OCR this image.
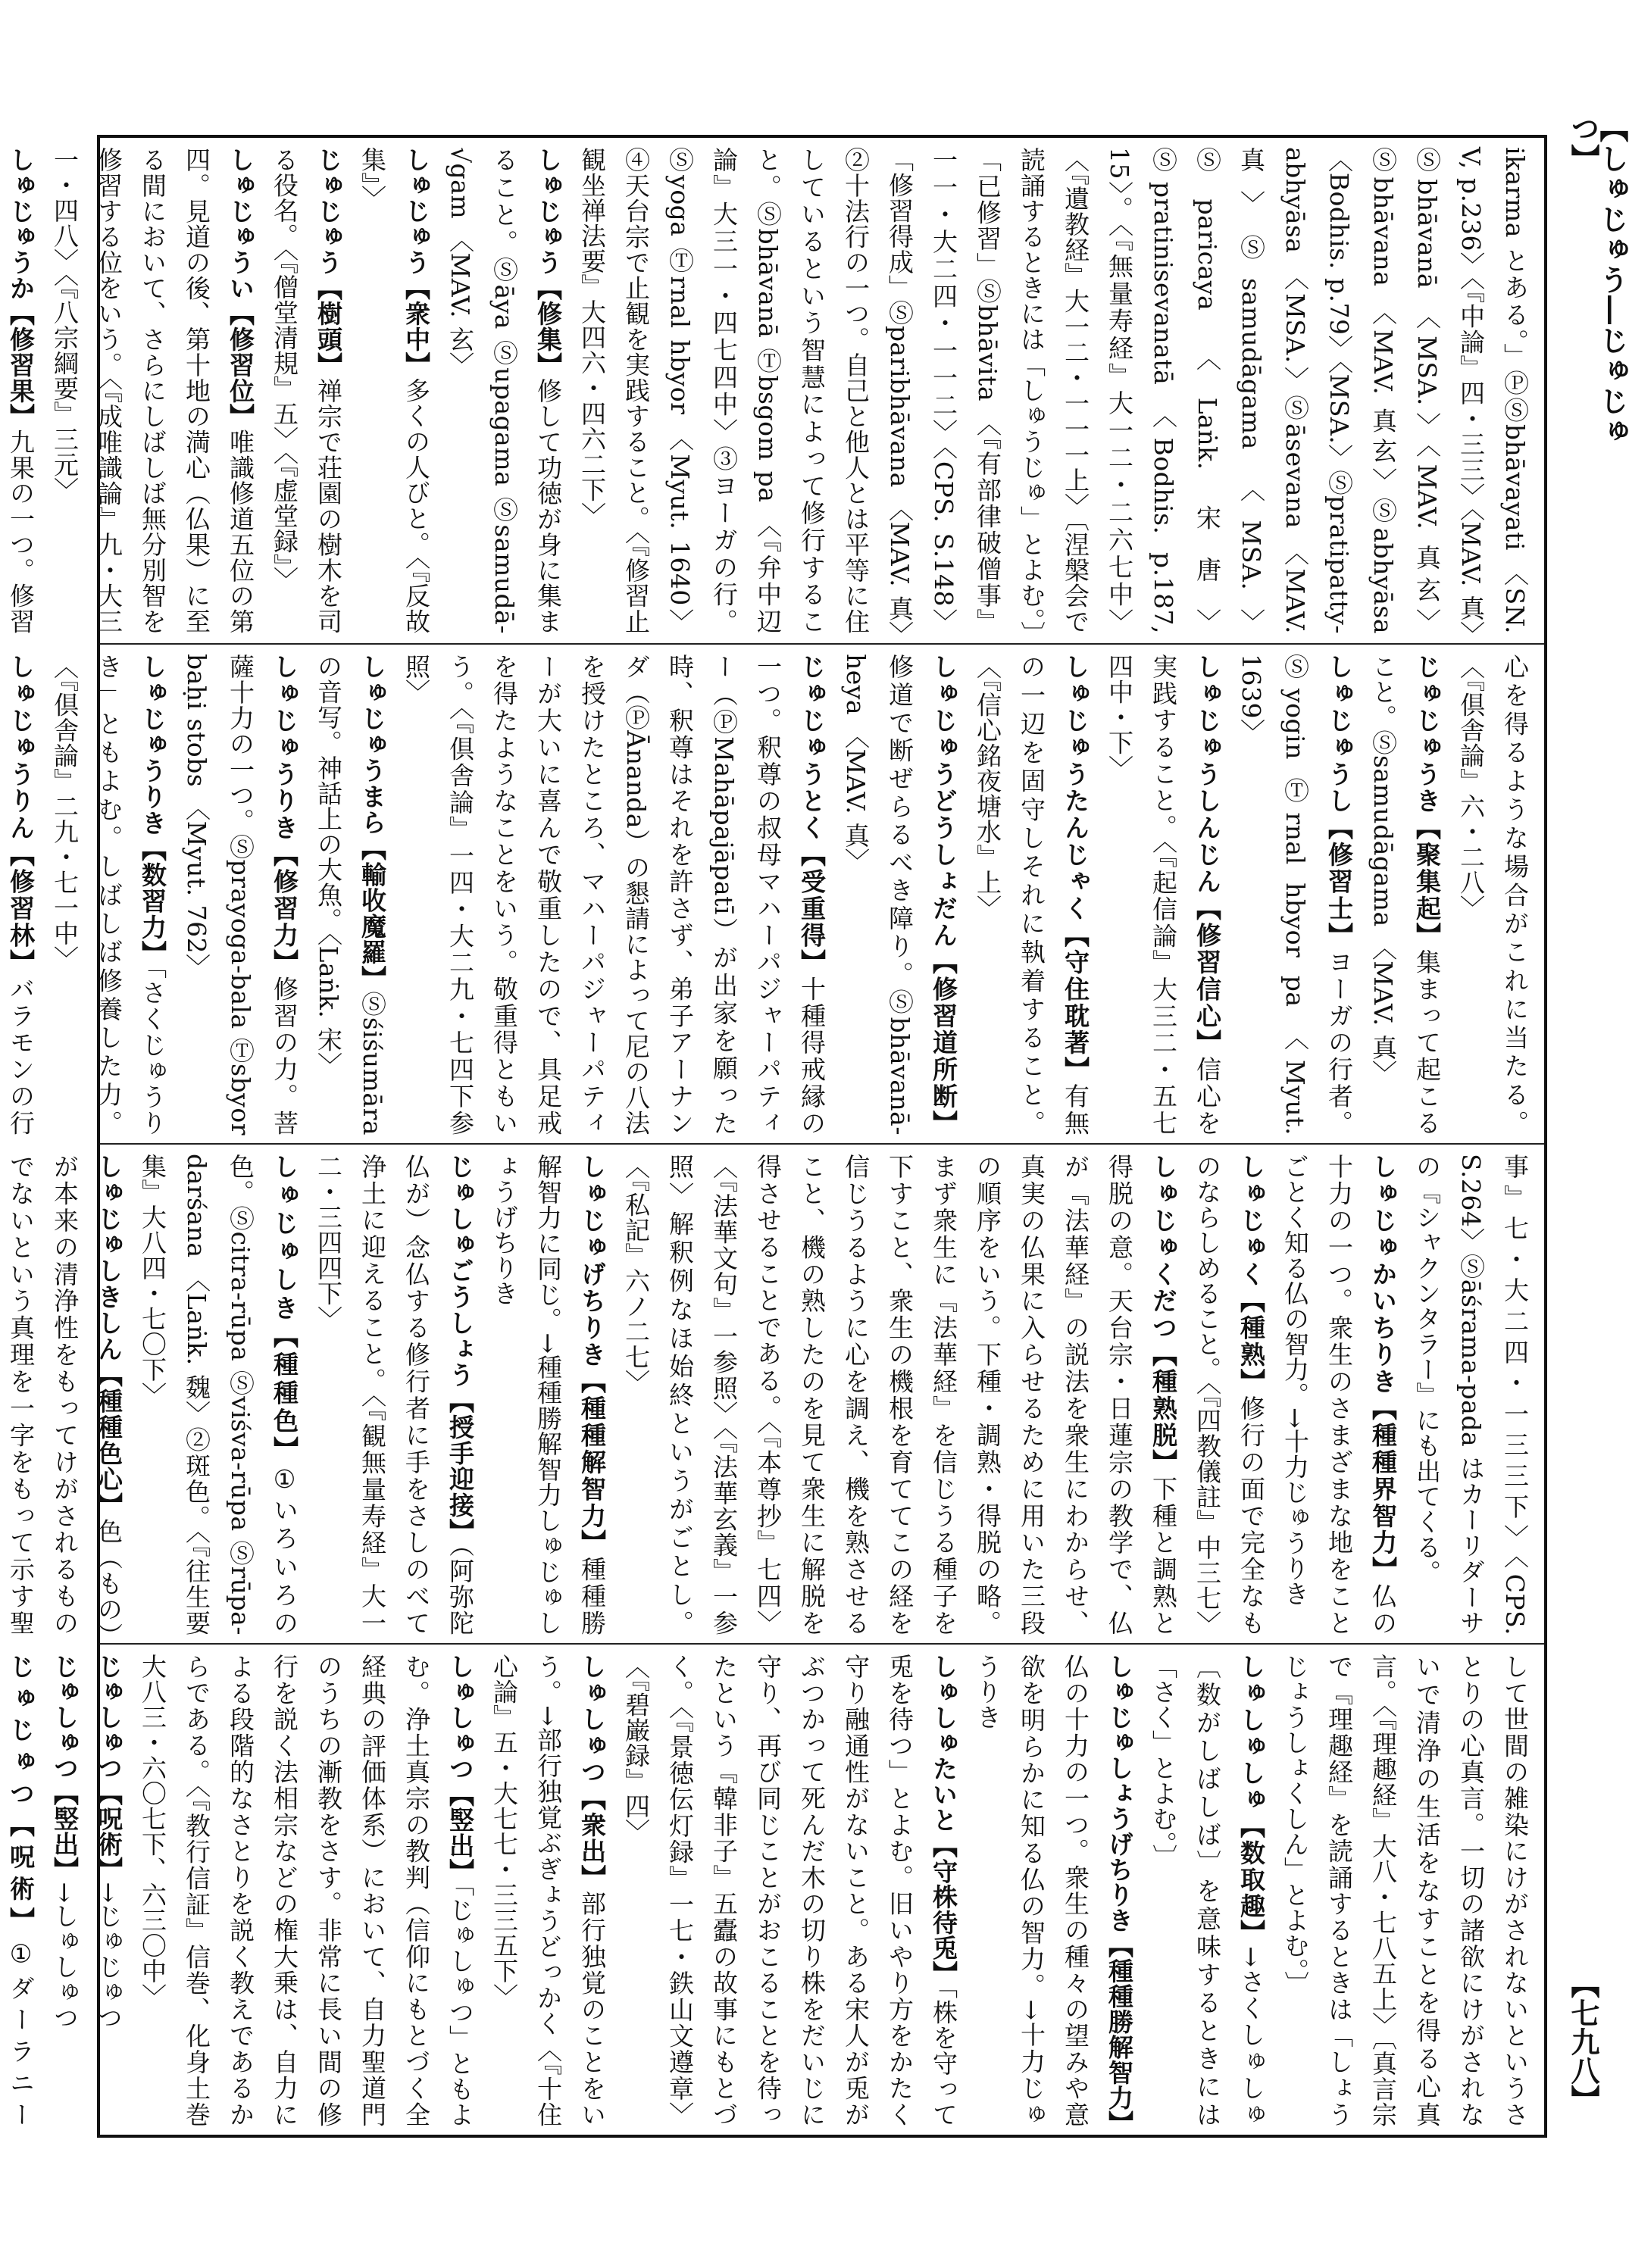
【しゅじゅう―じゅじゅつ】
ikarma とある。」ⓅⓈbhāvayati 〈SN. V, p.236〉〈『中論』四・三三〉〈MAV. 真〉Ⓢbhāvanā 〈MSA.〉〈MAV. 真玄〉Ⓢbhāvana 〈MAV. 真玄〉Ⓢabhyāsa 〈Bodhis. p.79〉〈MSA.〉Ⓢpratipatty-abhyāsa 〈MSA.〉Ⓢāsevana 〈MAV. 真〉Ⓢsamudāgama 〈MSA.〉Ⓢparicaya 〈Laṅk. 宋唐〉Ⓢpratinisevanatā 〈Bodhis. p.187, 15〉。〈『無量寿経』大一二・二六七中〉〈『遺教経』大一二・一一一上〉〔涅槃会で読誦するときには「しゅうじゅ」とよむ。〕「已修習」Ⓢbhāvita 〈『有部律破僧事』一一・大二四・一一二〉〈CPS. S.148〉「修習得成」Ⓢparibhāvana 〈MAV. 真〉②十法行の一つ。自己と他人とは平等に住しているという智慧によって修行すること。Ⓢbhāvanā Ⓣbsgom pa 〈『弁中辺論』大三一・四七四中〉③ヨーガの行。Ⓢyoga Ⓣrnal hbyor 〈Myut. 1640〉④天台宗で止観を実践すること。〈『修習止観坐禅法要』大四六・四六二下〉
しゅじゅう【修集】修して功徳が身に集まること。Ⓢāya Ⓢupagama Ⓢsamudā-√gam 〈MAV. 玄〉
しゅじゅう【衆中】多くの人びと。〈『反故集』〉
じゅじゅう【樹頭】禅宗で荘園の樹木を司る役名。〈『僧堂清規』五〉〈『虚堂録』〉
しゅじゅうい【修習位】唯識修道五位の第四。見道の後、第十地の満心（仏果）に至る間において、さらにしばしば無分別智を修習する位をいう。〈『成唯識論』九・大三一・四八〉〈『八宗綱要』三元〉
しゅじゅうか【修習果】九果の一つ。修習
心を得るような場合がこれに当たる。〈『倶舎論』六・二八〉
じゅじゅうき【聚集起】集まって起こること。Ⓢsamudāgama 〈MAV. 真〉
しゅじゅうし【修習士】ヨーガの行者。Ⓢyogin Ⓣrnal hbyor pa 〈Myut. 1639〉
しゅじゅうしんじん【修習信心】信心を実践すること。〈『起信論』大三二・五七四中・下〉
しゅじゅうたんじゃく【守住耽著】有無の一辺を固守しそれに執着すること。〈『信心銘夜塘水』上〉
しゅじゅうどうしょだん【修習道所断】修道で断ぜらるべき障り。Ⓢbhāvanā-heya 〈MAV. 真〉
じゅじゅうとく【受重得】十種得戒縁の一つ。釈尊の叔母マハーパジャーパティー（ⓅMahāpajāpatī）が出家を願った時、釈尊はそれを許さず、弟子アーナンダ（ⓅĀnanda）の懇請によって尼の八法を授けたところ、マハーパジャーパティーが大いに喜んで敬重したので、具足戒を得たようなことをいう。敬重得ともいう。〈『倶舎論』一四・大二九・七四下参照〉
しゅじゅうまら【輸收魔羅】Ⓢśiśumāra の音写。神話上の大魚。〈Laṅk. 宋〉
しゅじゅうりき【修習力】修習の力。菩薩十力の一つ。Ⓢprayoga-bala Ⓣsbyor baḥi stobs 〈Myut. 762〉
しゅじゅうりき【数習力】「さくじゅうりき」ともよむ。しばしば修養した力。〈『倶舎論』二九・七一中〉
しゅじゅうりん【修習林】バラモンの行
事』七・大二四・一三三下〉〈CPS. S.264〉Ⓢāśrama-pada はカーリダーサの『シャクンタラー』にも出てくる。
しゅじゅかいちりき【種種界智力】仏の十力の一つ。衆生のさまざまな地をことごとく知る仏の智力。→十力じゅうりき
しゅじゅく【種熟】修行の面で完全なものならしめること。〈『四教儀註』中三七〉
しゅじゅくだつ【種熟脱】下種と調熟と得脱の意。天台宗・日蓮宗の教学で、仏が『法華経』の説法を衆生にわからせ、真実の仏果に入らせるために用いた三段の順序をいう。下種・調熟・得脱の略。まず衆生に『法華経』を信じうる種子を下すこと、衆生の機根を育ててこの経を信じうるように心を調え、機を熟させること、機の熟したのを見て衆生に解脱を得させることである。〈『本尊抄』七四〉〈『法華文句』一参照〉〈『法華玄義』一参照〉解釈例なほ始終というがごとし。〈『私記』六ノ二七〉
しゅじゅげちりき【種種解智力】種種勝解智力に同じ。→種種勝解智力しゅじゅしょうげちりき
じゅしゅごうしょう【授手迎接】（阿弥陀仏が）念仏する修行者に手をさしのべて浄土に迎えること。〈『観無量寿経』大一二・三四四下〉
しゅじゅしき【種種色】①いろいろの色。Ⓢcitra-rūpa Ⓢviśva-rūpa Ⓢrūpa-darśana 〈Laṅk. 魏〉②斑色。〈『往生要集』大八四・七〇下〉
しゅじゅしきしん【種種色心】色（もの）が本来の清浄性をもってけがされるものでないという真理を一字をもって示す聖
して世間の雑染にけがされないというさとりの心真言。一切の諸欲にけがされないで清浄の生活をなすことを得る心真言。〈『理趣経』大八・七八五上〉〔真言宗で『理趣経』を読誦するときは「しょうじょうしょくしん」とよむ。〕
しゅしゅしゅ【数取趣】→さくしゅしゅ〔数がしばしば〕を意味するときには「さく」とよむ。〕
しゅじゅしょうげちりき【種種勝解智力】仏の十力の一つ。衆生の種々の望みや意欲を明らかに知る仏の智力。→十力じゅうりき
しゅしゅたいと【守株待兎】「株を守って兎を待つ」とよむ。旧いやり方をかたく守り融通性がないこと。ある宋人が兎がぶつかって死んだ木の切り株をだいじに守り、再び同じことがおこることを待ったという『韓非子』五蠹の故事にもとづく。〈『景徳伝灯録』一七・鉄山文遵章〉〈『碧巌録』四〉
しゅしゅつ【衆出】部行独覚のことをいう。→部行独覚ぶぎょうどっかく〈『十住心論』五・大七七・三三五下〉
しゅしゅつ【竪出】「じゅしゅつ」ともよむ。浄土真宗の教判（信仰にもとづく全経典の評価体系）において、自力聖道門のうちの漸教をさす。非常に長い間の修行を説く法相宗などの権大乗は、自力による段階的なさとりを説く教えであるからである。〈『教行信証』信巻、化身土巻大八三・六〇七下、六三〇中〉
じゅしゅつ【呪術】→じゅじゅつ
じゅしゅつ【竪出】→しゅしゅつ
じゅじゅつ【呪術】①ダーラニー
【七九八】
